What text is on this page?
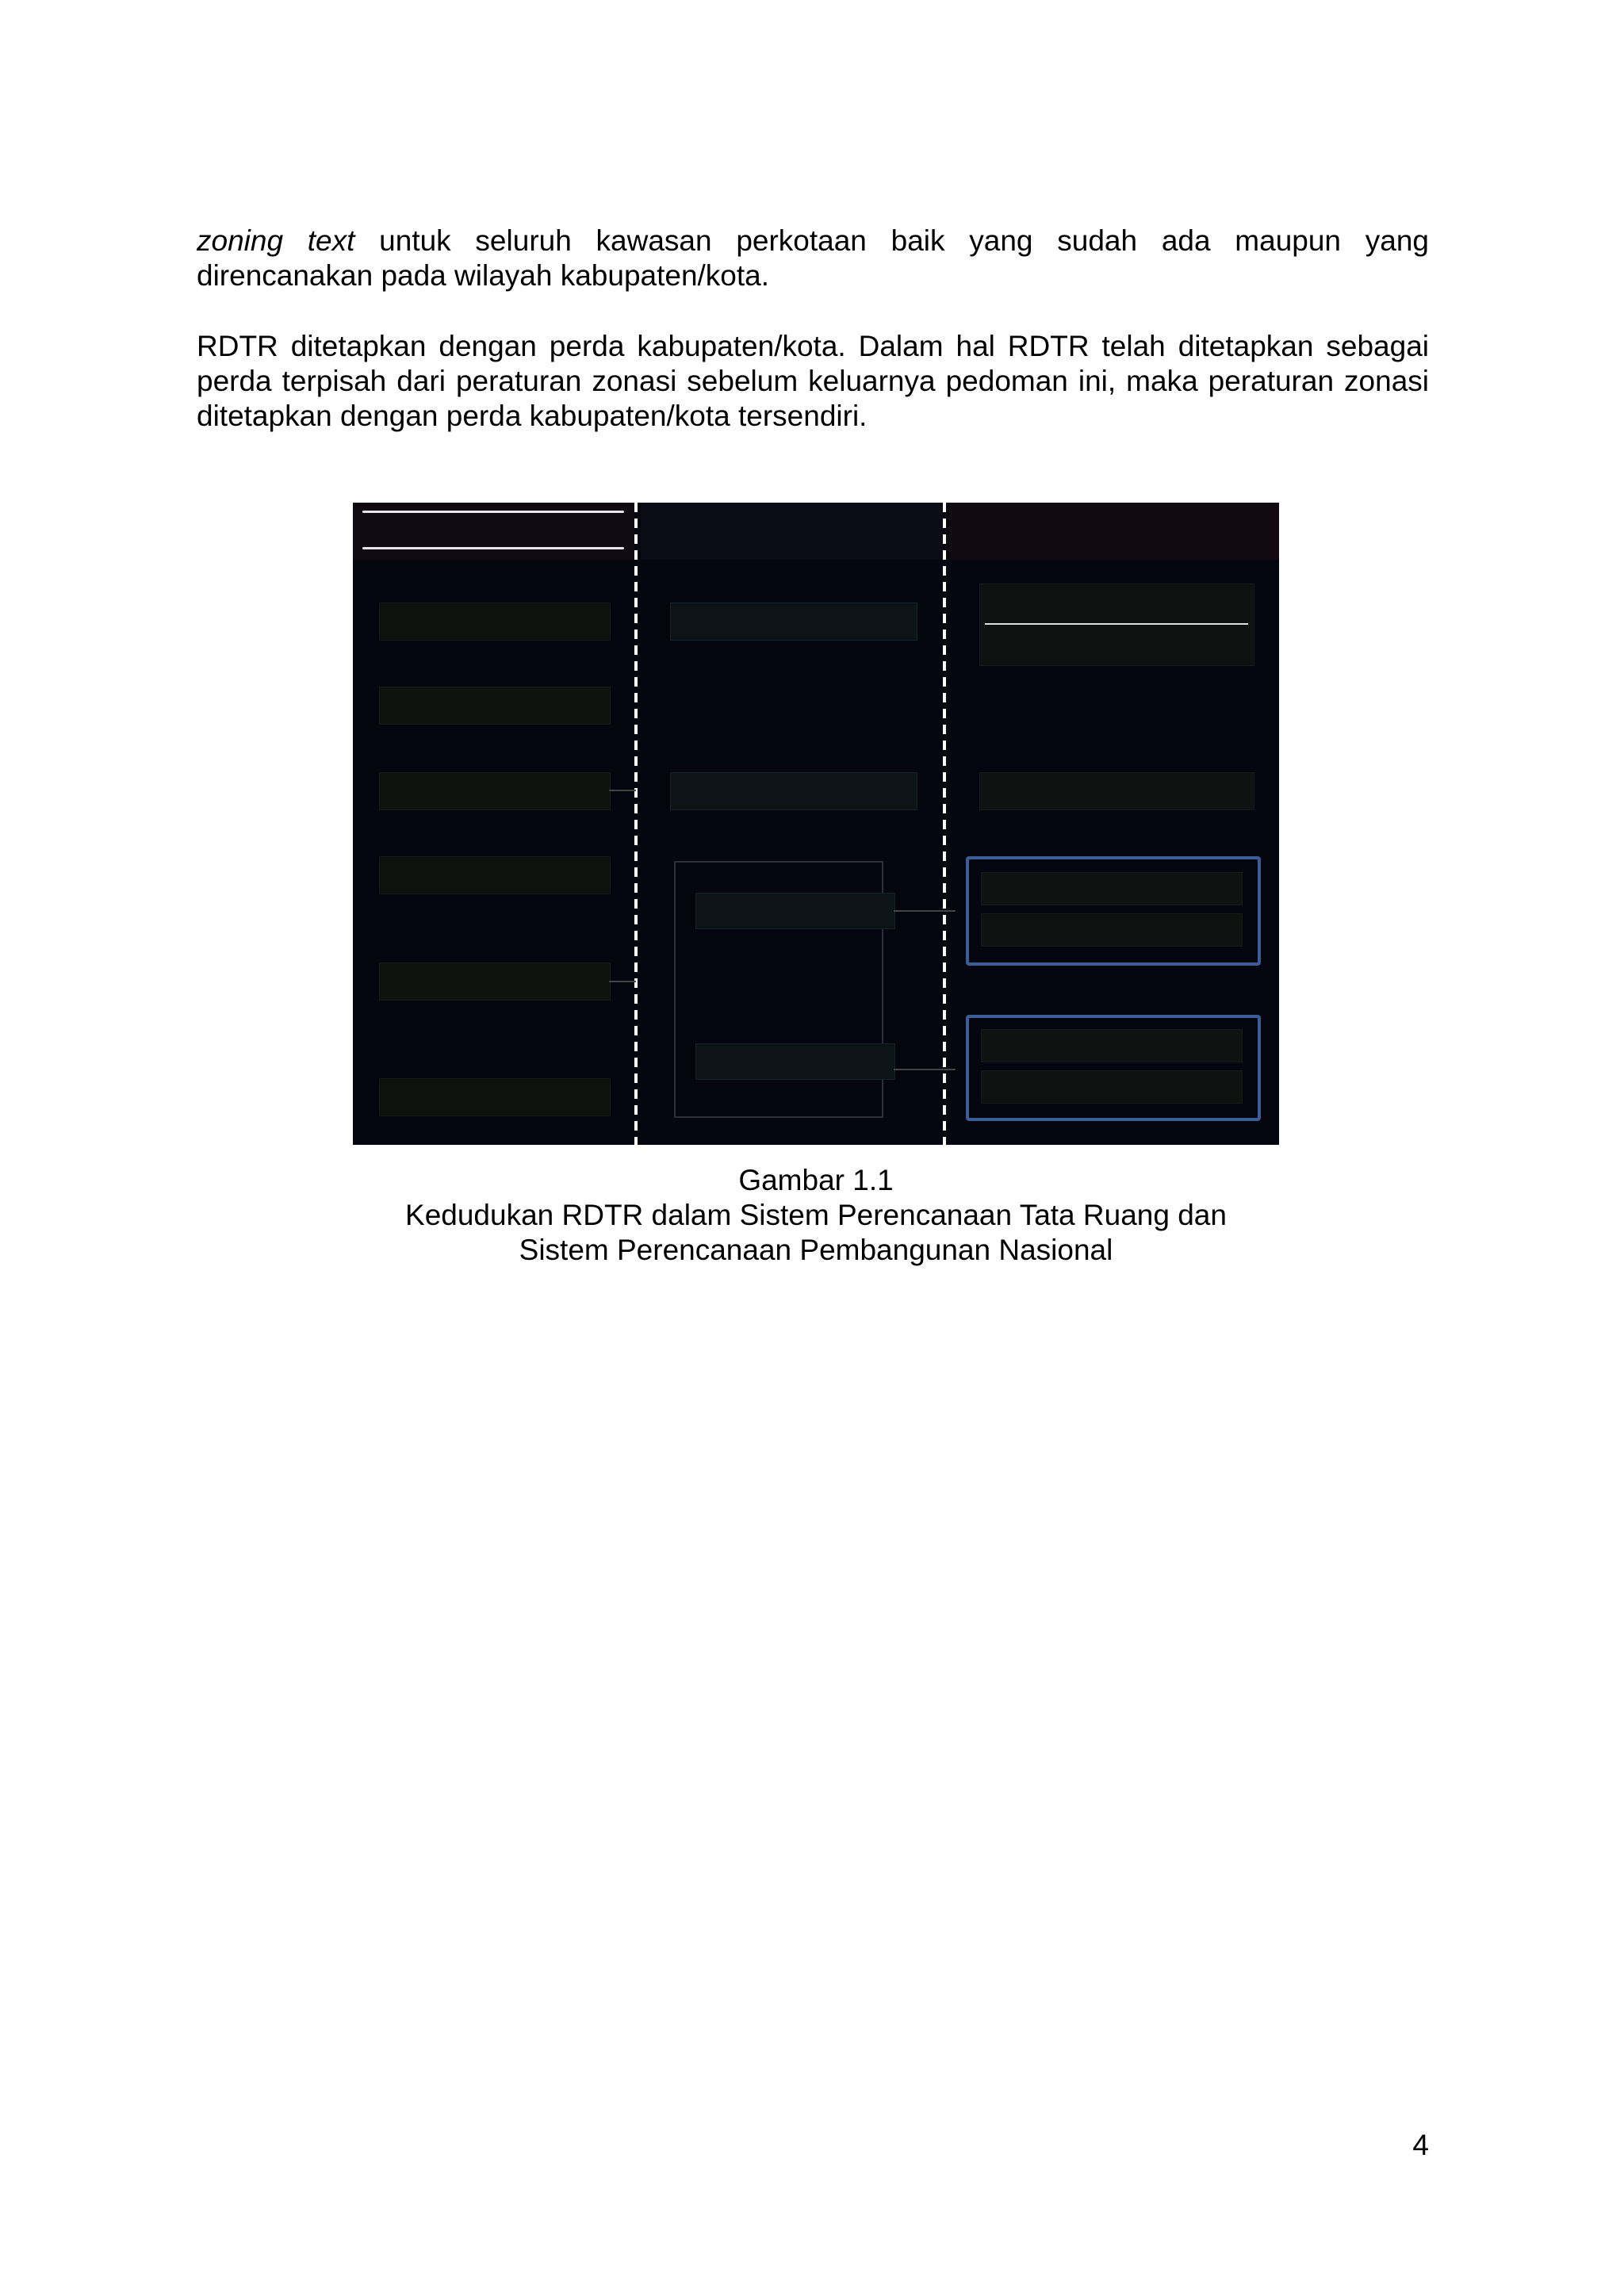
zoning text untuk seluruh kawasan perkotaan baik yang sudah ada maupun yang direncanakan pada wilayah kabupaten/kota.

RDTR ditetapkan dengan perda kabupaten/kota. Dalam hal RDTR telah ditetapkan sebagai perda terpisah dari peraturan zonasi sebelum keluarnya pedoman ini, maka peraturan zonasi ditetapkan dengan perda kabupaten/kota tersendiri.

Gambar 1.1
Kedudukan RDTR dalam Sistem Perencanaan Tata Ruang dan
Sistem Perencanaan Pembangunan Nasional
4
